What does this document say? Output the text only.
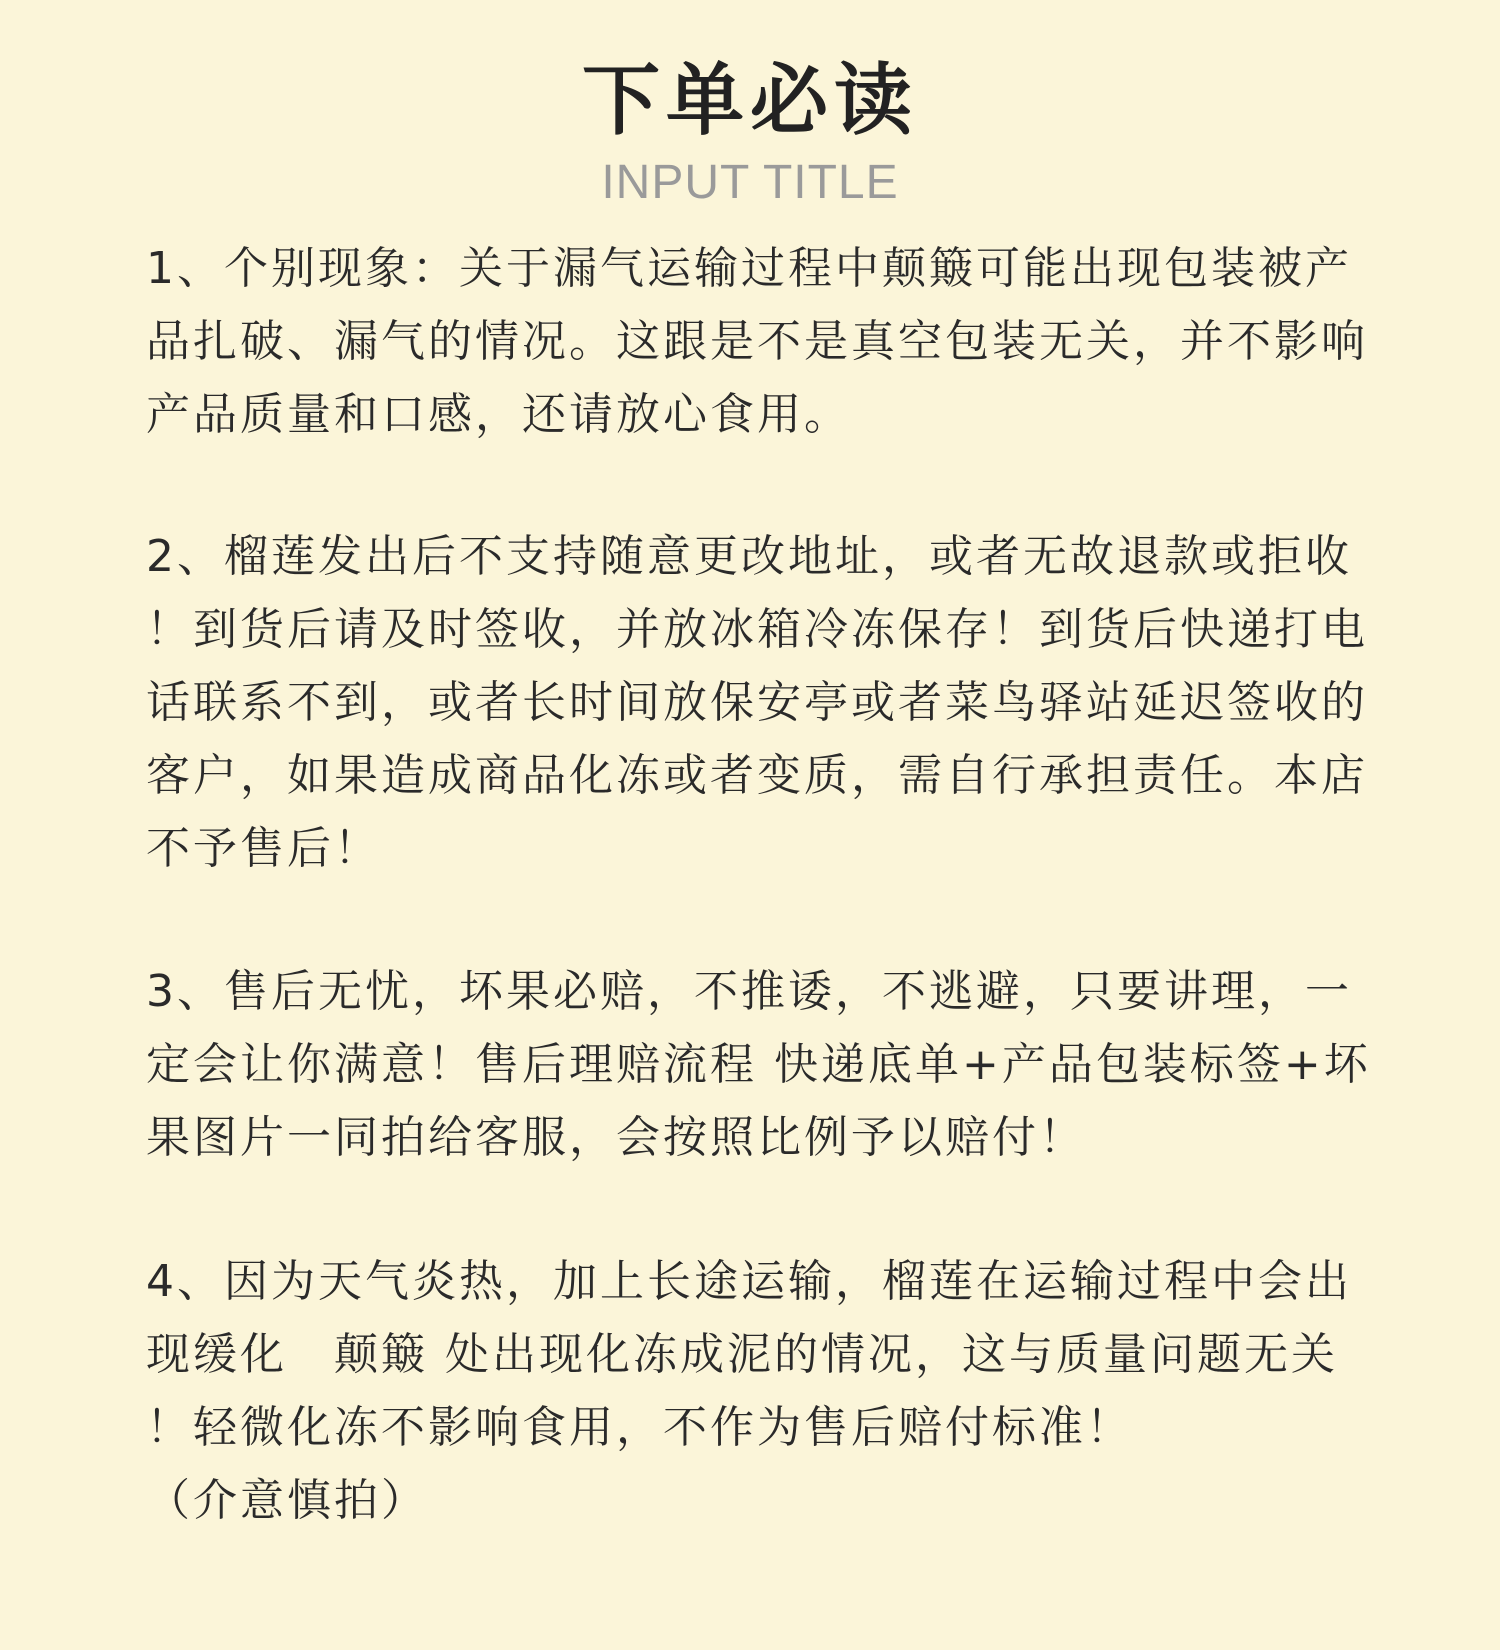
下单必读
INPUT TITLE
1、个别现象：关于漏气运输过程中颠簸可能出现包装被产
品扎破、漏气的情况。这跟是不是真空包装无关，并不影响
产品质量和口感，还请放心食用。
2、榴莲发出后不支持随意更改地址，或者无故退款或拒收
！到货后请及时签收，并放冰箱冷冻保存！到货后快递打电
话联系不到，或者长时间放保安亭或者菜鸟驿站延迟签收的
客户，如果造成商品化冻或者变质，需自行承担责任。本店
不予售后！
3、售后无忧，坏果必赔，不推诿，不逃避，只要讲理，一
定会让你满意！售后理赔流程 快递底单+产品包装标签+坏
果图片一同拍给客服，会按照比例予以赔付！
4、因为天气炎热，加上长途运输，榴莲在运输过程中会出
现缓化　颠簸 处出现化冻成泥的情况，这与质量问题无关
！轻微化冻不影响食用，不作为售后赔付标准！
（介意慎拍）
